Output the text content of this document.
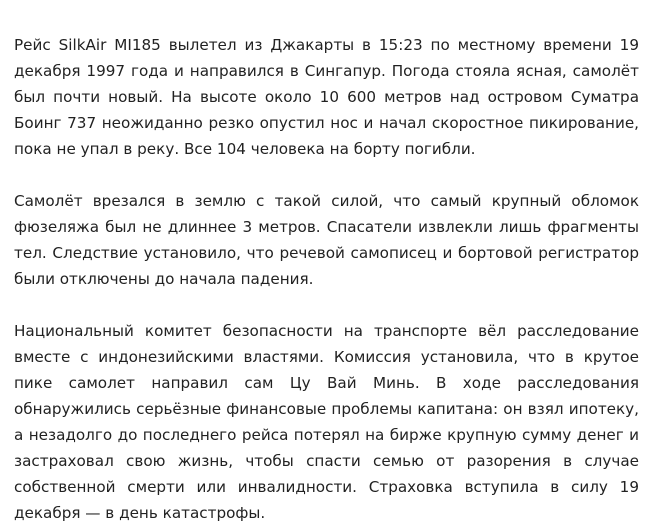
Рейс SilkAir MI185 вылетел из Джакарты в 15:23 по местному времени 19 декабря 1997 года и направился в Сингапур. Погода стояла ясная, самолёт был почти новый. На высоте около 10 600 метров над островом Суматра Боинг 737 неожиданно резко опустил нос и начал скоростное пикирование, пока не упал в реку. Все 104 человека на борту погибли.

Самолёт врезался в землю с такой силой, что самый крупный обломок фюзеляжа был не длиннее 3 метров. Спасатели извлекли лишь фрагменты тел. Следствие установило, что речевой самописец и бортовой регистратор были отключены до начала падения.

Национальный комитет безопасности на транспорте вёл расследование вместе с индонезийскими властями. Комиссия установила, что в крутое пике самолет направил сам Цу Вай Минь. В ходе расследования обнаружились серьёзные финансовые проблемы капитана: он взял ипотеку, а незадолго до последнего рейса потерял на бирже крупную сумму денег и застраховал свою жизнь, чтобы спасти семью от разорения в случае собственной смерти или инвалидности. Страховка вступила в силу 19 декабря — в день катастрофы.
